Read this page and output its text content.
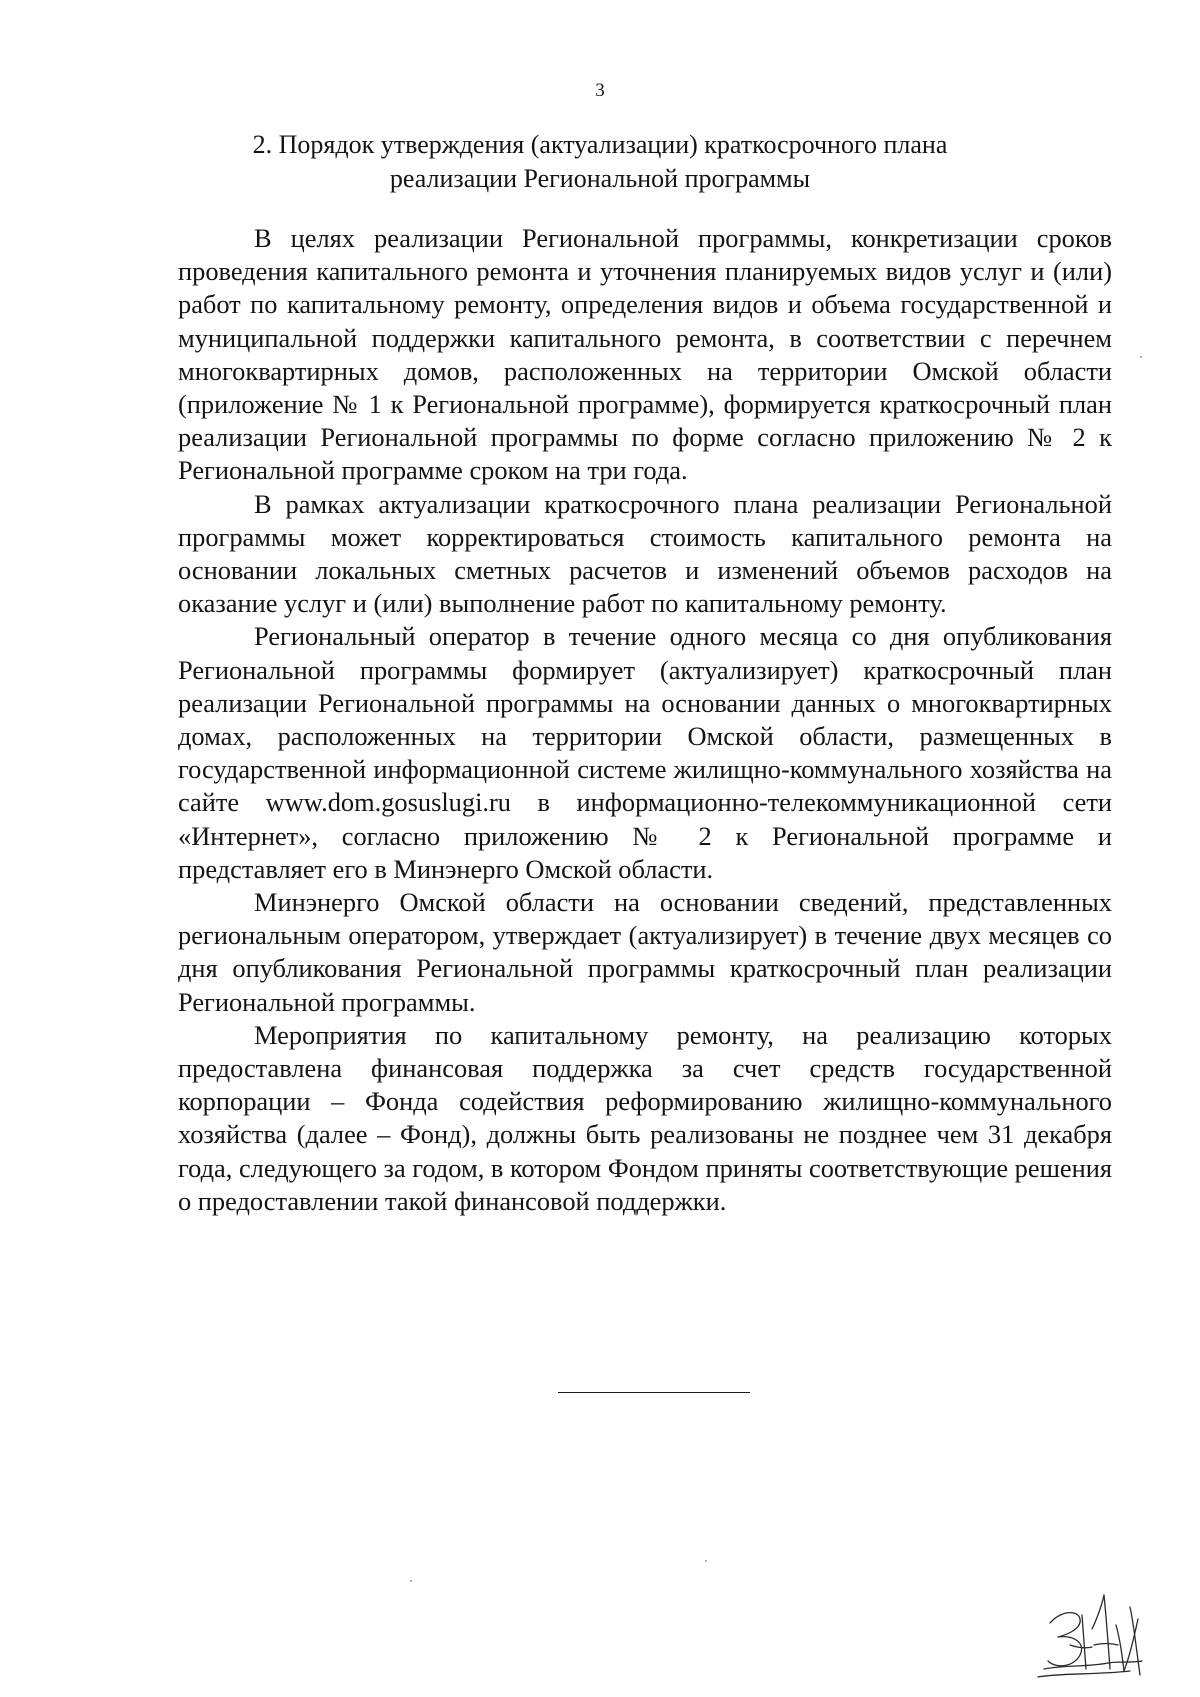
3
2. Порядок утверждения (актуализации) краткосрочного плана
реализации Региональной программы

В целях реализации Региональной программы, конкретизации сроков проведения капитального ремонта и уточнения планируемых видов услуг и (или) работ по капитальному ремонту, определения видов и объема государственной и муниципальной поддержки капитального ремонта, в соответствии с перечнем многоквартирных домов, расположенных на территории Омской области (приложение № 1 к Региональной программе), формируется краткосрочный план реализации Региональной программы по форме согласно приложению № 2 к Региональной программе сроком на три года.

В рамках актуализации краткосрочного плана реализации Региональной программы может корректироваться стоимость капитального ремонта на основании локальных сметных расчетов и изменений объемов расходов на оказание услуг и (или) выполнение работ по капитальному ремонту.

Региональный оператор в течение одного месяца со дня опубликования Региональной программы формирует (актуализирует) краткосрочный план реализации Региональной программы на основании данных о многоквартирных домах, расположенных на территории Омской области, размещенных в государственной информационной системе жилищно-коммунального хозяйства на сайте www.dom.gosuslugi.ru в информационно-телекоммуникационной сети «Интернет», согласно приложению № 2 к Региональной программе и представляет его в Минэнерго Омской области.

Минэнерго Омской области на основании сведений, представленных региональным оператором, утверждает (актуализирует) в течение двух месяцев со дня опубликования Региональной программы краткосрочный план реализации Региональной программы.

Мероприятия по капитальному ремонту, на реализацию которых предоставлена финансовая поддержка за счет средств государственной корпорации – Фонда содействия реформированию жилищно-коммунального хозяйства (далее – Фонд), должны быть реализованы не позднее чем 31 декабря года, следующего за годом, в котором Фондом приняты соответствующие решения о предоставлении такой финансовой поддержки.
